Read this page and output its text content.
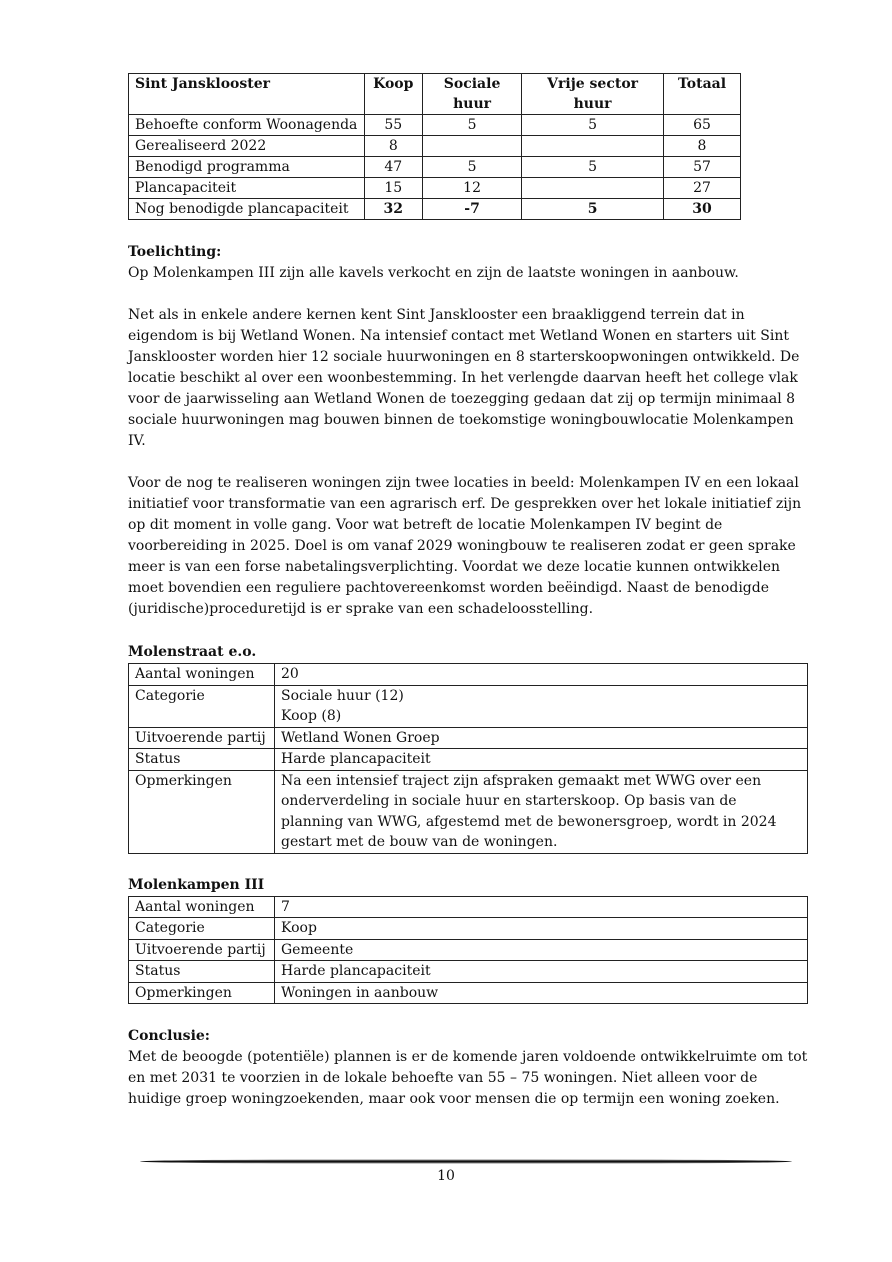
Sint Jansklooster	Koop	Sociale huur	Vrije sector huur	Totaal
Behoefte conform Woonagenda	55	5	5	65
Gerealiseerd 2022	8			8
Benodigd programma	47	5	5	57
Plancapaciteit	15	12		27
Nog benodigde plancapaciteit	32	-7	5	30

Toelichting:

Op Molenkampen III zijn alle kavels verkocht en zijn de laatste woningen in aanbouw.

Net als in enkele andere kernen kent Sint Jansklooster een braakliggend terrein dat in eigendom is bij Wetland Wonen. Na intensief contact met Wetland Wonen en starters uit Sint Jansklooster worden hier 12 sociale huurwoningen en 8 starterskoopwoningen ontwikkeld. De locatie beschikt al over een woonbestemming. In het verlengde daarvan heeft het college vlak voor de jaarwisseling aan Wetland Wonen de toezegging gedaan dat zij op termijn minimaal 8 sociale huurwoningen mag bouwen binnen de toekomstige woningbouwlocatie Molenkampen IV.

Voor de nog te realiseren woningen zijn twee locaties in beeld: Molenkampen IV en een lokaal initiatief voor transformatie van een agrarisch erf. De gesprekken over het lokale initiatief zijn op dit moment in volle gang. Voor wat betreft de locatie Molenkampen IV begint de voorbereiding in 2025. Doel is om vanaf 2029 woningbouw te realiseren zodat er geen sprake meer is van een forse nabetalingsverplichting. Voordat we deze locatie kunnen ontwikkelen moet bovendien een reguliere pachtovereenkomst worden beëindigd. Naast de benodigde (juridische)proceduretijd is er sprake van een schadeloosstelling.

Molenstraat e.o.

Aantal woningen	20
Categorie	Sociale huur (12)
Koop (8)

Uitvoerende partij	Wetland Wonen Groep
Status	Harde plancapaciteit
Opmerkingen	Na een intensief traject zijn afspraken gemaakt met WWG over een onderverdeling in sociale huur en starterskoop. Op basis van de planning van WWG, afgestemd met de bewonersgroep, wordt in 2024 gestart met de bouw van de woningen.

Molenkampen III

Aantal woningen	7
Categorie	Koop
Uitvoerende partij	Gemeente
Status	Harde plancapaciteit
Opmerkingen	Woningen in aanbouw

Conclusie:

Met de beoogde (potentiële) plannen is er de komende jaren voldoende ontwikkelruimte om tot en met 2031 te voorzien in de lokale behoefte van 55 – 75 woningen. Niet alleen voor de huidige groep woningzoekenden, maar ook voor mensen die op termijn een woning zoeken.

10
